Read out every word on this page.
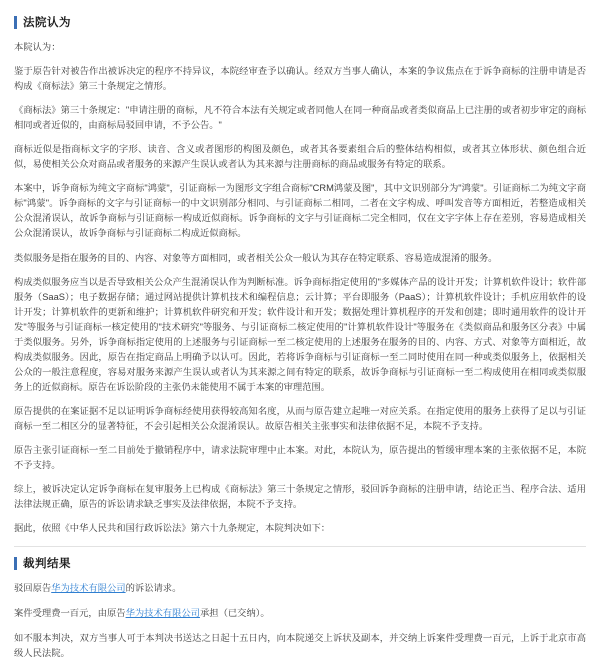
法院认为

本院认为：

鉴于原告针对被告作出被诉决定的程序不持异议，本院经审查予以确认。经双方当事人确认，本案的争议焦点在于诉争商标的注册申请是否构成《商标法》第三十条规定之情形。

《商标法》第三十条规定："申请注册的商标，凡不符合本法有关规定或者同他人在同一种商品或者类似商品上已注册的或者初步审定的商标相同或者近似的，由商标局驳回申请，不予公告。"

商标近似是指商标文字的字形、读音、含义或者图形的构图及颜色，或者其各要素组合后的整体结构相似，或者其立体形状、颜色组合近似，易使相关公众对商品或者服务的来源产生误认或者认为其来源与注册商标的商品或服务有特定的联系。

本案中，诉争商标为纯文字商标"鸿蒙"，引证商标一为图形文字组合商标"CRM鸿蒙及图"，其中文识别部分为"鸿蒙"。引证商标二为纯文字商标"鸿蒙"。诉争商标的文字与引证商标一的中文识别部分相同、与引证商标二相同，二者在文字构成、呼叫发音等方面相近，若整造成相关公众混淆误认，故诉争商标与引证商标一构成近似商标。诉争商标的文字与引证商标二完全相同，仅在文字字体上存在差别，容易造成相关公众混淆误认，故诉争商标与引证商标二构成近似商标。

类似服务是指在服务的目的、内容、对象等方面相同，或者相关公众一般认为其存在特定联系、容易造成混淆的服务。

构成类似服务应当以是否导致相关公众产生混淆误认作为判断标准。诉争商标指定使用的"多媒体产品的设计开发；计算机软件设计；软件部服务（SaaS）；电子数据存储；通过网站提供计算机技术和编程信息；云计算；平台即服务（PaaS）；计算机软件设计；手机应用软件的设计开发；计算机软件的更新和维护；计算机软件研究和开发；软件设计和开发；数据处理计算机程序的开发和创建；即时通用软件的设计开发"等服务与引证商标一核定使用的"技术研究"等服务、与引证商标二核定使用的"计算机软件设计"等服务在《类似商品和服务区分表》中属于类似服务。另外，诉争商标指定使用的上述服务与引证商标一至二核定使用的上述服务在服务的目的、内容、方式、对象等方面相近，故构成类似服务。因此，原告在指定商品上明确予以认可。因此，若将诉争商标与引证商标一至二同时使用在同一种或类似服务上，依据相关公众的一般注意程度，容易对服务来源产生误认或者认为其来源之间有特定的联系，故诉争商标与引证商标一至二构成使用在相同或类似服务上的近似商标。原告在诉讼阶段的主张仍未能使用不属于本案的审理范围。

原告提供的在案证据不足以证明诉争商标经使用获得较高知名度，从而与原告建立起唯一对应关系。在指定使用的服务上获得了足以与引证商标一至二相区分的显著特征，不会引起相关公众混淆误认。故原告相关主张事实和法律依据不足，本院不予支持。

原告主张引证商标一至二目前处于撤销程序中，请求法院审理中止本案。对此，本院认为，原告提出的暂缓审理本案的主张依据不足，本院不予支持。

综上，被诉决定认定诉争商标在复审服务上已构成《商标法》第三十条规定之情形，驳回诉争商标的注册申请，结论正当、程序合法、适用法律法规正确，原告的诉讼请求缺乏事实及法律依据，本院不予支持。

据此，依照《中华人民共和国行政诉讼法》第六十九条规定，本院判决如下：

裁判结果

驳回原告华为技术有限公司的诉讼请求。

案件受理费一百元，由原告华为技术有限公司承担（已交纳）。

如不服本判决，双方当事人可于本判决书送达之日起十五日内，向本院递交上诉状及副本，并交纳上诉案件受理费一百元，上诉于北京市高级人民法院。
